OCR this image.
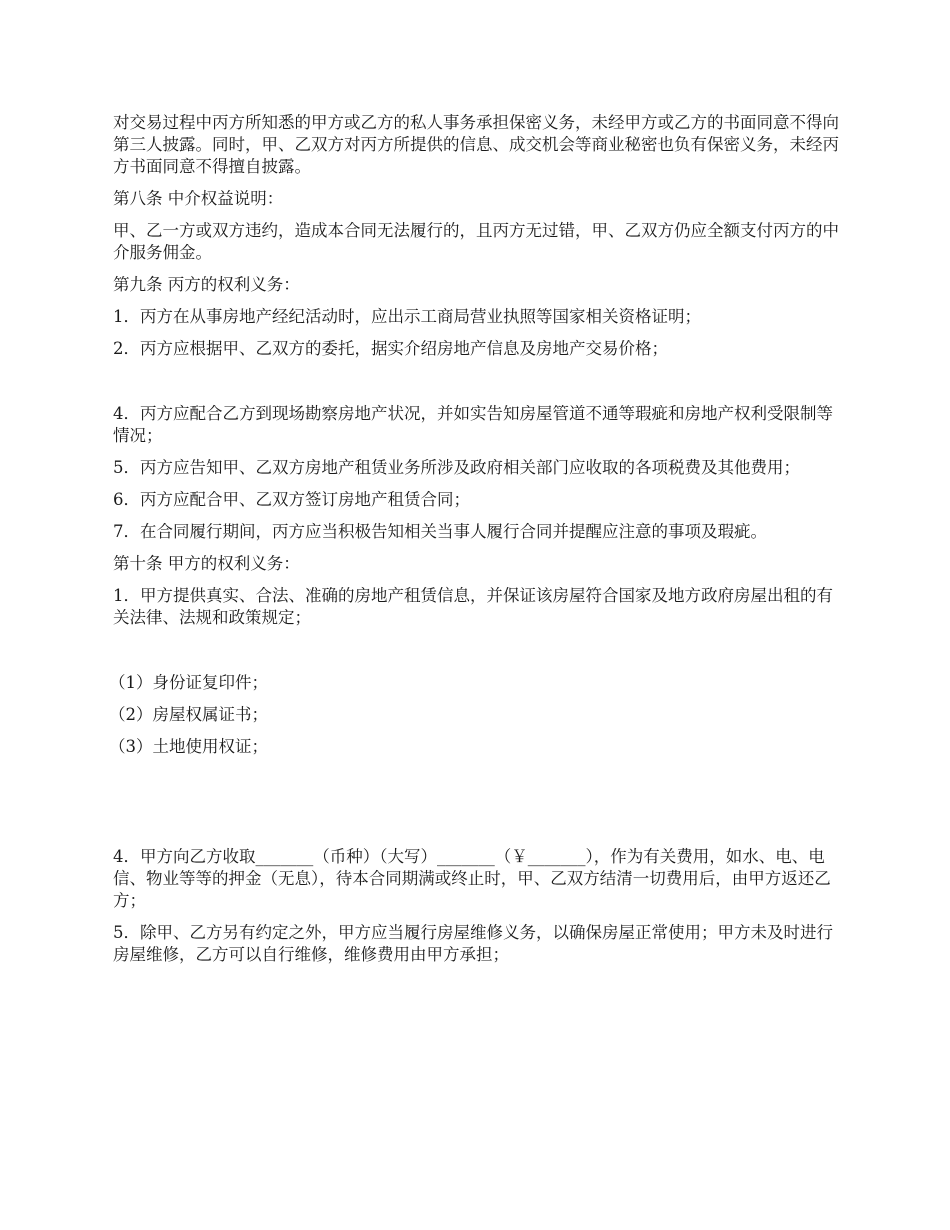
对交易过程中丙方所知悉的甲方或乙方的私人事务承担保密义务，未经甲方或乙方的书面同意不得向第三人披露。同时，甲、乙双方对丙方所提供的信息、成交机会等商业秘密也负有保密义务，未经丙方书面同意不得擅自披露。

第八条 中介权益说明：

甲、乙一方或双方违约，造成本合同无法履行的，且丙方无过错，甲、乙双方仍应全额支付丙方的中介服务佣金。

第九条 丙方的权利义务：

1．丙方在从事房地产经纪活动时，应出示工商局营业执照等国家相关资格证明；

2．丙方应根据甲、乙双方的委托，据实介绍房地产信息及房地产交易价格；

4．丙方应配合乙方到现场勘察房地产状况，并如实告知房屋管道不通等瑕疵和房地产权利受限制等情况；

5．丙方应告知甲、乙双方房地产租赁业务所涉及政府相关部门应收取的各项税费及其他费用；

6．丙方应配合甲、乙双方签订房地产租赁合同；

7．在合同履行期间，丙方应当积极告知相关当事人履行合同并提醒应注意的事项及瑕疵。

第十条 甲方的权利义务：

1．甲方提供真实、合法、准确的房地产租赁信息，并保证该房屋符合国家及地方政府房屋出租的有关法律、法规和政策规定；

（1）身份证复印件；

（2）房屋权属证书；

（3）土地使用权证；

4．甲方向乙方收取_______（币种）（大写）_______（￥_______），作为有关费用，如水、电、电信、物业等等的押金（无息），待本合同期满或终止时，甲、乙双方结清一切费用后，由甲方返还乙方；

5．除甲、乙方另有约定之外，甲方应当履行房屋维修义务，以确保房屋正常使用；甲方未及时进行房屋维修，乙方可以自行维修，维修费用由甲方承担；
